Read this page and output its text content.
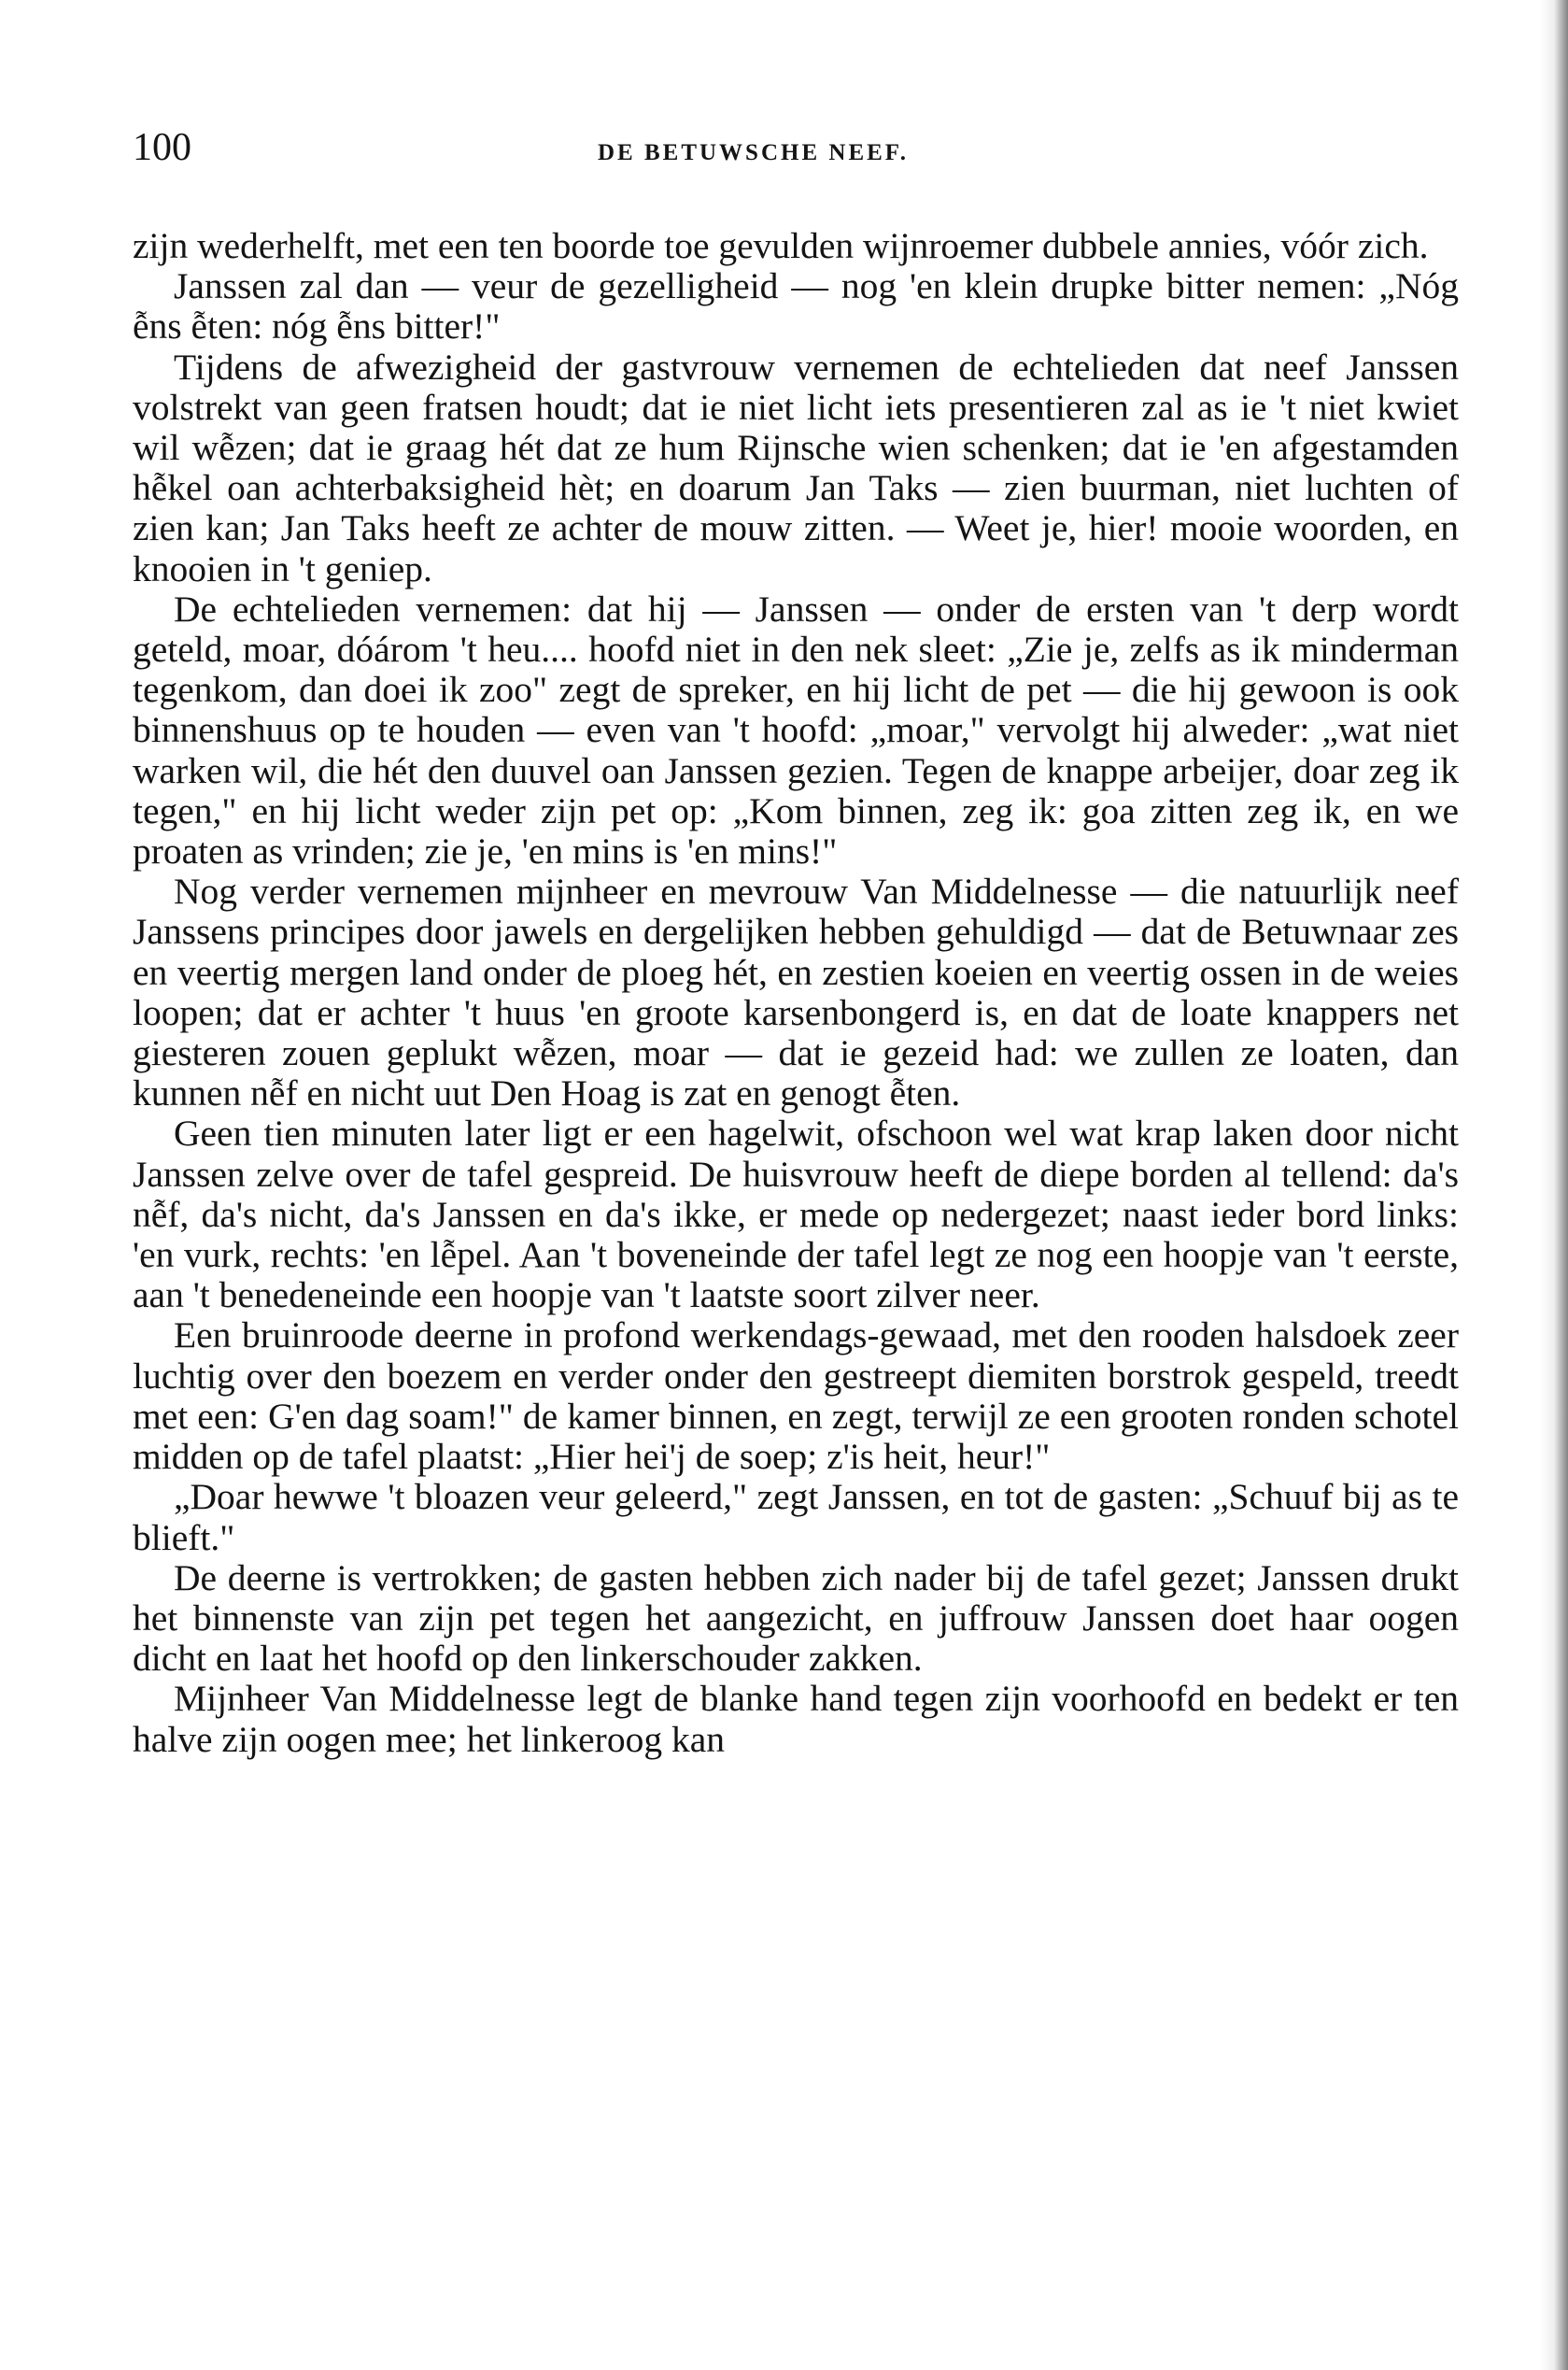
100	DE BETUWSCHE NEEF.

zijn wederhelft, met een ten boorde toe gevulden wijnroemer dubbele annies, vóór zich.

Janssen zal dan — veur de gezelligheid — nog 'en klein drupke bitter nemen: „Nóg ễns ễten: nóg ễns bitter!"

Tijdens de afwezigheid der gastvrouw vernemen de echtelieden dat neef Janssen volstrekt van geen fratsen houdt; dat ie niet licht iets presentieren zal as ie 't niet kwiet wil wễzen; dat ie graag hét dat ze hum Rijnsche wien schenken; dat ie 'en afgestamden hễkel oan achterbaksigheid hèt; en doarum Jan Taks — zien buurman, niet luchten of zien kan; Jan Taks heeft ze achter de mouw zitten. — Weet je, hier! mooie woorden, en knooien in 't geniep.

De echtelieden vernemen: dat hij — Janssen — onder de ersten van 't derp wordt geteld, moar, dóárom 't heu.... hoofd niet in den nek sleet: „Zie je, zelfs as ik minderman tegenkom, dan doei ik zoo" zegt de spreker, en hij licht de pet — die hij gewoon is ook binnenshuus op te houden — even van 't hoofd: „moar," vervolgt hij alweder: „wat niet warken wil, die hét den duuvel oan Janssen gezien. Tegen de knappe arbeijer, doar zeg ik tegen," en hij licht weder zijn pet op: „Kom binnen, zeg ik: goa zitten zeg ik, en we proaten as vrinden; zie je, 'en mins is 'en mins!"

Nog verder vernemen mijnheer en mevrouw Van Middelnesse — die natuurlijk neef Janssens principes door jawels en dergelijken hebben gehuldigd — dat de Betuwnaar zes en veertig mergen land onder de ploeg hét, en zestien koeien en veertig ossen in de weies loopen; dat er achter 't huus 'en groote karsenbongerd is, en dat de loate knappers net giesteren zouen geplukt wễzen, moar — dat ie gezeid had: we zullen ze loaten, dan kunnen nễf en nicht uut Den Hoag is zat en genogt ễten.

Geen tien minuten later ligt er een hagelwit, ofschoon wel wat krap laken door nicht Janssen zelve over de tafel gespreid. De huisvrouw heeft de diepe borden al tellend: da's nễf, da's nicht, da's Janssen en da's ikke, er mede op nedergezet; naast ieder bord links: 'en vurk, rechts: 'en lễpel. Aan 't boveneinde der tafel legt ze nog een hoopje van 't eerste, aan 't benedeneinde een hoopje van 't laatste soort zilver neer.

Een bruinroode deerne in profond werkendags-gewaad, met den rooden halsdoek zeer luchtig over den boezem en verder onder den gestreept diemiten borstrok gespeld, treedt met een: G'en dag soam!" de kamer binnen, en zegt, terwijl ze een grooten ronden schotel midden op de tafel plaatst: „Hier hei'j de soep; z'is heit, heur!"

„Doar hewwe 't bloazen veur geleerd," zegt Janssen, en tot de gasten: „Schuuf bij as te blieft."

De deerne is vertrokken; de gasten hebben zich nader bij de tafel gezet; Janssen drukt het binnenste van zijn pet tegen het aangezicht, en juffrouw Janssen doet haar oogen dicht en laat het hoofd op den linkerschouder zakken.

Mijnheer Van Middelnesse legt de blanke hand tegen zijn voorhoofd en bedekt er ten halve zijn oogen mee; het linkeroog kan
